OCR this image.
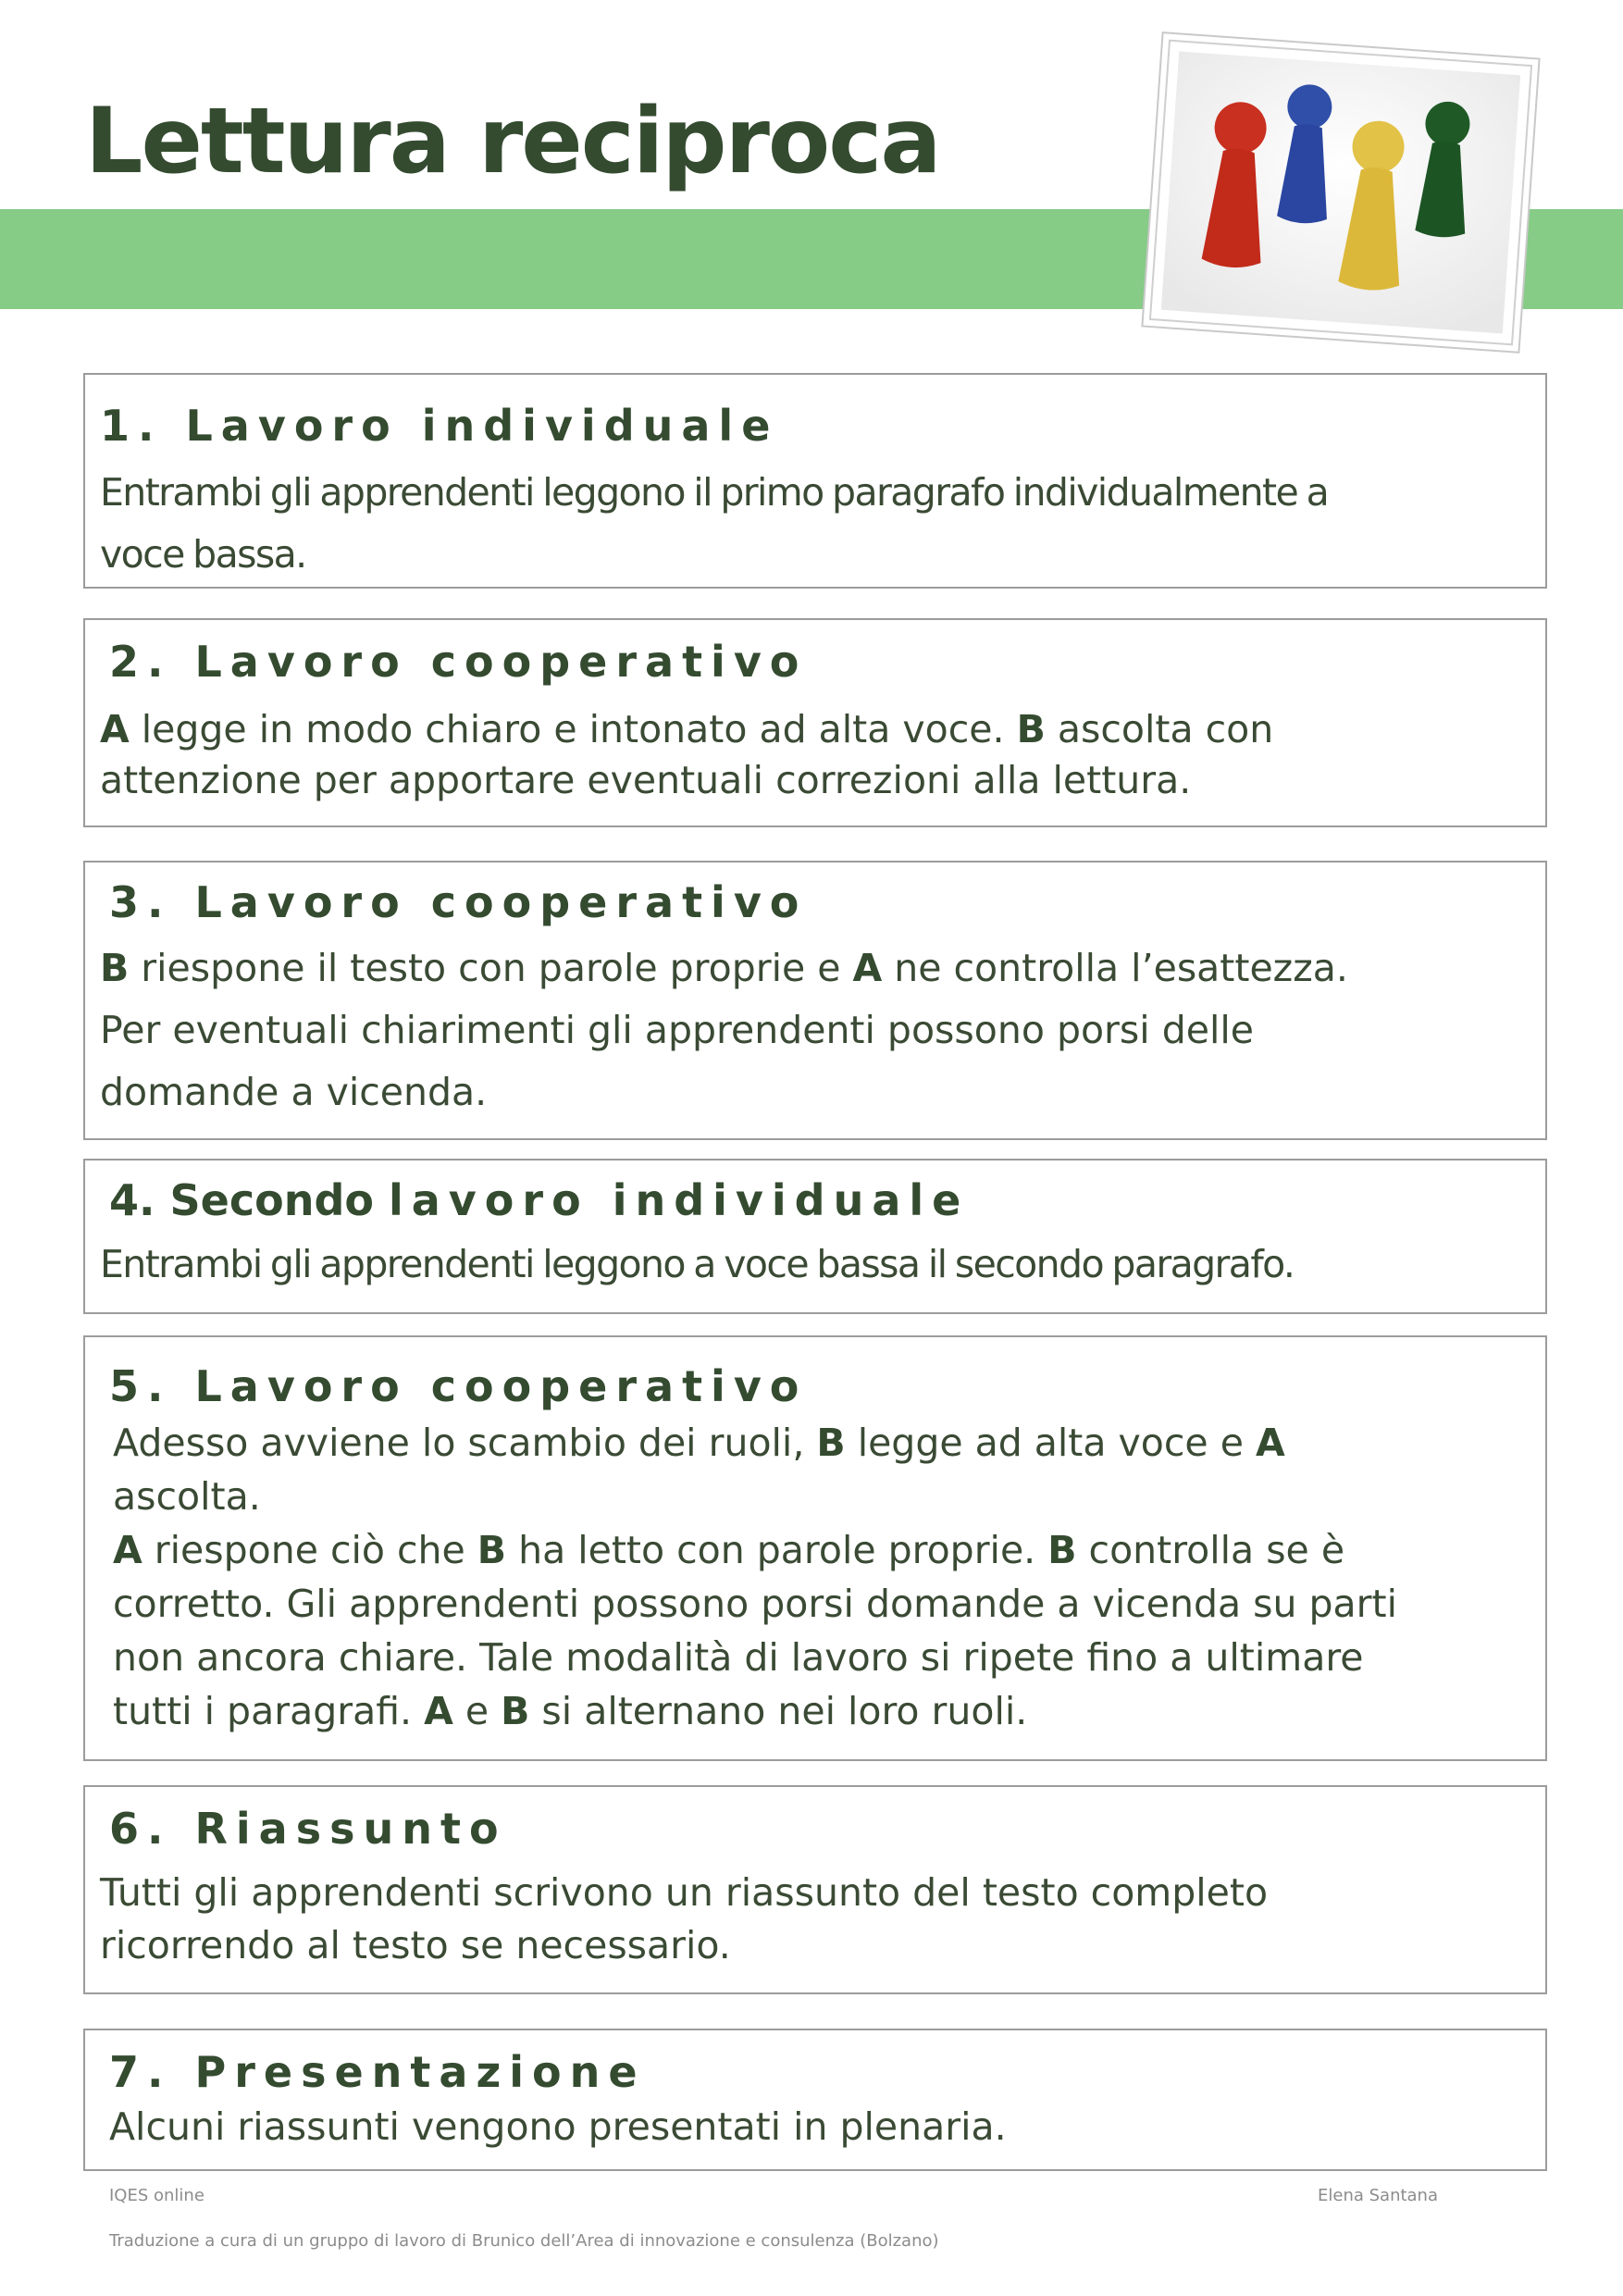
Lettura reciproca
1. Lavoro individuale

Entrambi gli apprendenti leggono il primo paragrafo individualmente a

voce bassa.

2. Lavoro cooperativo

A legge in modo chiaro e intonato ad alta voce. B ascolta con

attenzione per apportare eventuali correzioni alla lettura.

3. Lavoro cooperativo

B riespone il testo con parole proprie e A ne controlla l’esattezza.

Per eventuali chiarimenti gli apprendenti possono porsi delle

domande a vicenda.

4. Secondo lavoro individuale

Entrambi gli apprendenti leggono a voce bassa il secondo paragrafo.

5. Lavoro cooperativo

Adesso avviene lo scambio dei ruoli, B legge ad alta voce e A

ascolta.

A riespone ciò che B ha letto con parole proprie. B controlla se è

corretto. Gli apprendenti possono porsi domande a vicenda su parti

non ancora chiare. Tale modalità di lavoro si ripete fino a ultimare

tutti i paragrafi. A e B si alternano nei loro ruoli.

6. Riassunto

Tutti gli apprendenti scrivono un riassunto del testo completo

ricorrendo al testo se necessario.

7. Presentazione

Alcuni riassunti vengono presentati in plenaria.

IQES online	Elena Santana
Traduzione a cura di un gruppo di lavoro di Brunico dell’Area di innovazione e consulenza (Bolzano)
